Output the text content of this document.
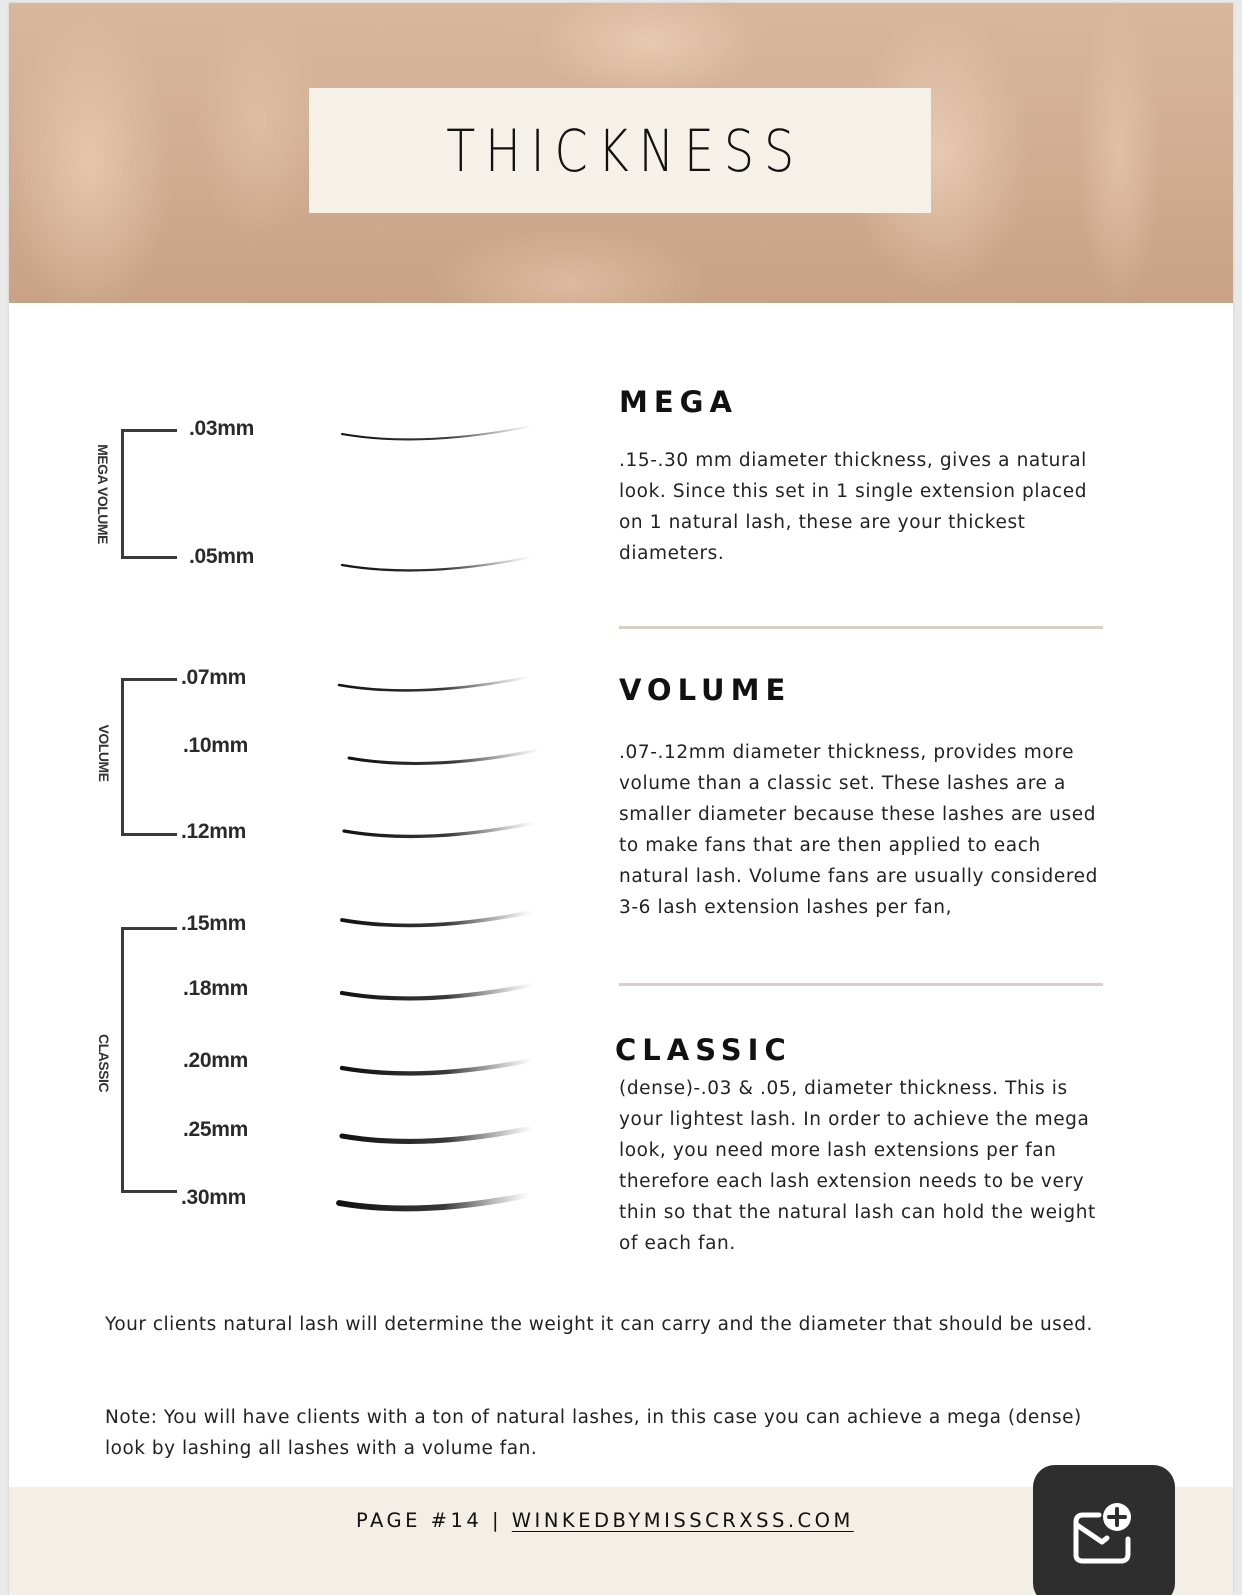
THICKNESS
MEGA VOLUME
.03mm
.05mm
VOLUME
.07mm
.10mm
.12mm
CLASSIC
.15mm
.18mm
.20mm
.25mm
.30mm
MEGA

.15-.30 mm diameter thickness, gives a natural look. Since this set in 1 single extension placed on 1 natural lash, these are your thickest diameters.

VOLUME

.07-.12mm diameter thickness, provides more volume than a classic set. These lashes are a smaller diameter because these lashes are used to make fans that are then applied to each natural lash. Volume fans are usually considered 3-6 lash extension lashes per fan,

CLASSIC

(dense)-.03 & .05, diameter thickness. This is your lightest lash. In order to achieve the mega look, you need more lash extensions per fan therefore each lash extension needs to be very thin so that the natural lash can hold the weight of each fan.

Your clients natural lash will determine the weight it can carry and the diameter that should be used.

Note: You will have clients with a ton of natural lashes, in this case you can achieve a mega (dense) look by lashing all lashes with a volume fan.

PAGE #14 | WINKEDBYMISSCRXSS.COM
